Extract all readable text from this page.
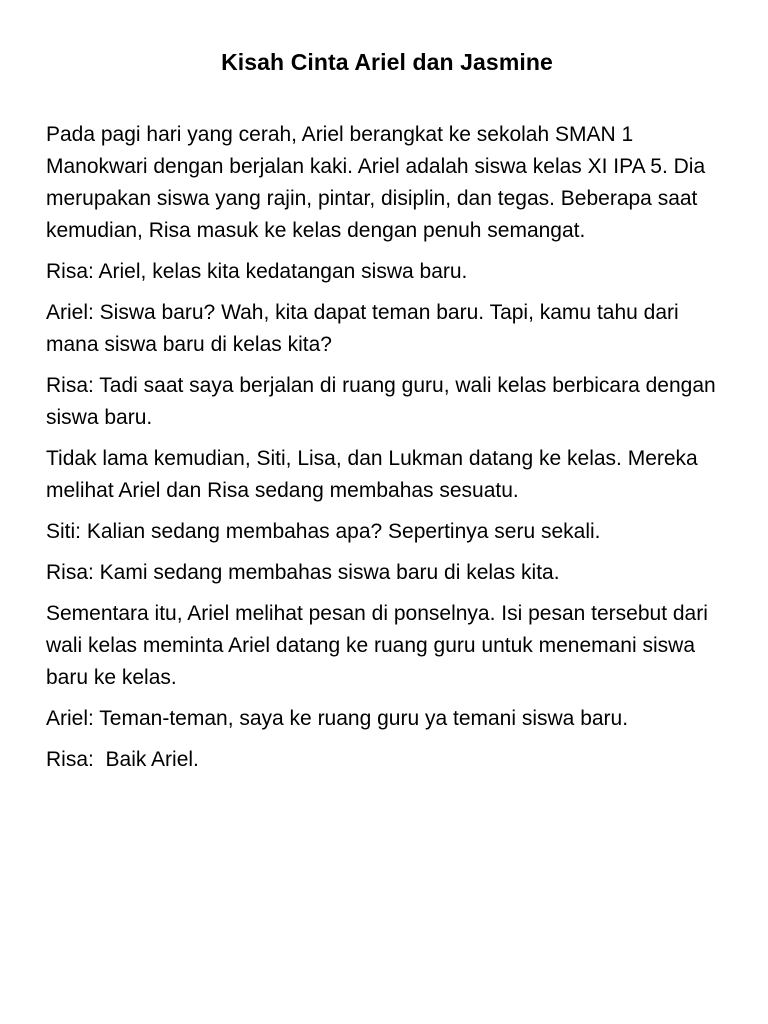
Kisah Cinta Ariel dan Jasmine

Pada pagi hari yang cerah, Ariel berangkat ke sekolah SMAN 1 Manokwari dengan berjalan kaki. Ariel adalah siswa kelas XI IPA 5. Dia merupakan siswa yang rajin, pintar, disiplin, dan tegas. Beberapa saat kemudian, Risa masuk ke kelas dengan penuh semangat.

Risa: Ariel, kelas kita kedatangan siswa baru.

Ariel: Siswa baru? Wah, kita dapat teman baru. Tapi, kamu tahu dari mana siswa baru di kelas kita?

Risa: Tadi saat saya berjalan di ruang guru, wali kelas berbicara dengan siswa baru.

Tidak lama kemudian, Siti, Lisa, dan Lukman datang ke kelas. Mereka melihat Ariel dan Risa sedang membahas sesuatu.

Siti: Kalian sedang membahas apa? Sepertinya seru sekali.

Risa: Kami sedang membahas siswa baru di kelas kita.

Sementara itu, Ariel melihat pesan di ponselnya. Isi pesan tersebut dari wali kelas meminta Ariel datang ke ruang guru untuk menemani siswa baru ke kelas.

Ariel: Teman-teman, saya ke ruang guru ya temani siswa baru.

Risa:  Baik Ariel.
